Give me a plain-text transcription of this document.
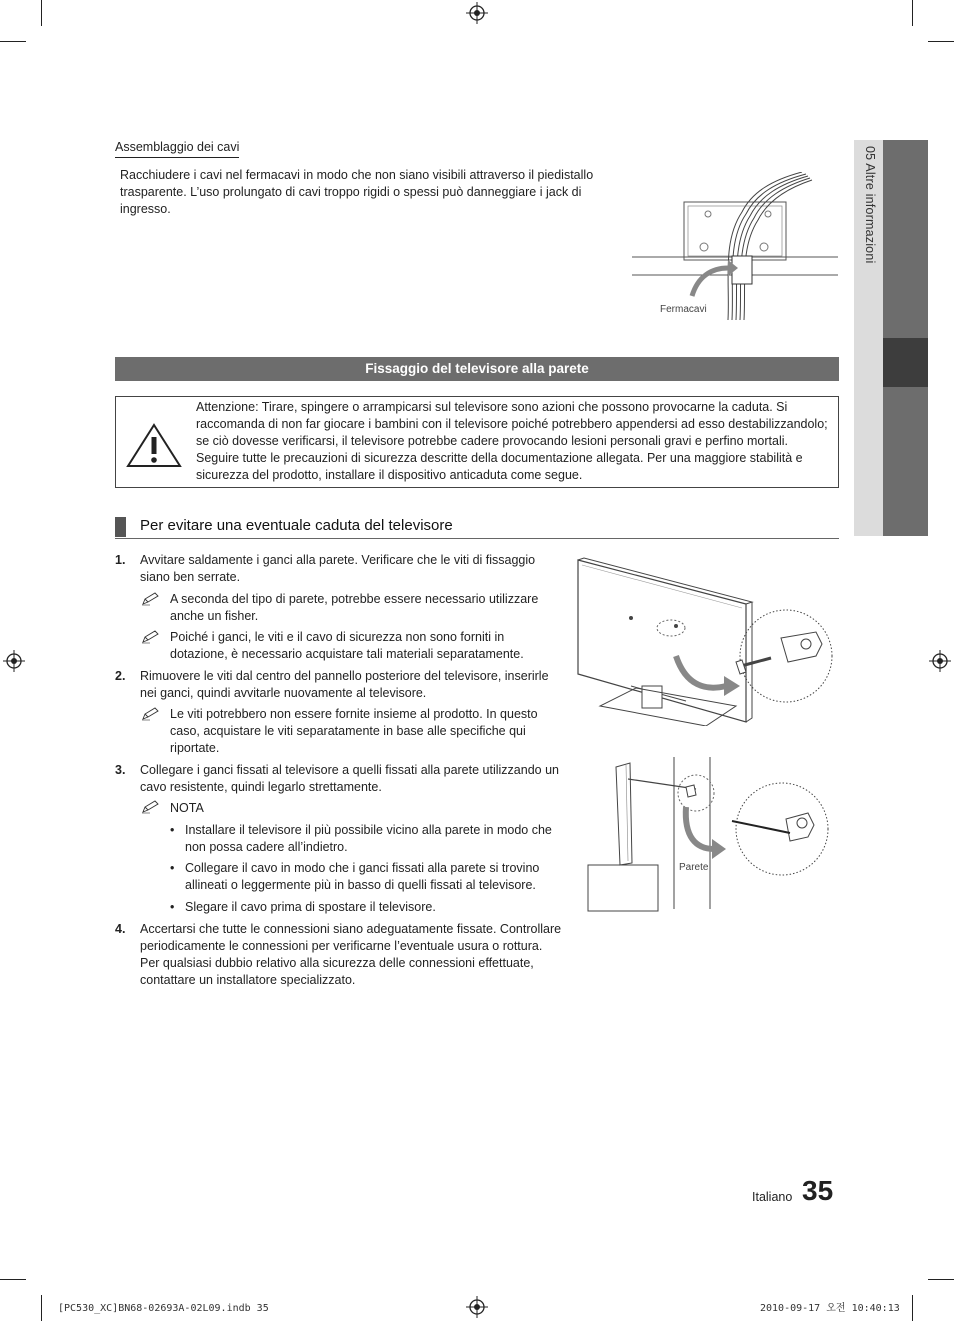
05 Altre informazioni
Assemblaggio dei cavi
Racchiudere i cavi nel fermacavi in modo che non siano visibili attraverso il piedistallo trasparente. L’uso prolungato di cavi troppo rigidi o spessi può danneggiare i jack di ingresso.
Fermacavi
Fissaggio del televisore alla parete
Attenzione: Tirare, spingere o arrampicarsi sul televisore sono azioni che possono provocarne la caduta. Si raccomanda di non far giocare i bambini con il televisore poiché potrebbero appendersi ad esso destabilizzandolo; se ciò dovesse verificarsi, il televisore potrebbe cadere provocando lesioni personali gravi e perfino mortali. Seguire tutte le precauzioni di sicurezza descritte della documentazione allegata. Per una maggiore stabilità e sicurezza del prodotto, installare il dispositivo anticaduta come segue.
Per evitare una eventuale caduta del televisore
1. Avvitare saldamente i ganci alla parete. Verificare che le viti di fissaggio siano ben serrate.
A seconda del tipo di parete, potrebbe essere necessario utilizzare anche un fisher.
Poiché i ganci, le viti e il cavo di sicurezza non sono forniti in dotazione, è necessario acquistare tali materiali separatamente.
2. Rimuovere le viti dal centro del pannello posteriore del televisore, inserirle nei ganci, quindi avvitarle nuovamente al televisore.
Le viti potrebbero non essere fornite insieme al prodotto. In questo caso, acquistare le viti separatamente in base alle specifiche qui riportate.
3. Collegare i ganci fissati al televisore a quelli fissati alla parete utilizzando un cavo resistente, quindi legarlo strettamente.
NOTA
• Installare il televisore il più possibile vicino alla parete in modo che non possa cadere all’indietro.
• Collegare il cavo in modo che i ganci fissati alla parete si trovino allineati o leggermente più in basso di quelli fissati al televisore.
• Slegare il cavo prima di spostare il televisore.
4. Accertarsi che tutte le connessioni siano adeguatamente fissate. Controllare periodicamente le connessioni per verificarne l’eventuale usura o rottura. Per qualsiasi dubbio relativo alla sicurezza delle connessioni effettuate, contattare un installatore specializzato.
Parete
Italiano 35
[PC530_XC]BN68-02693A-02L09.indb 35	2010-09-17 오전 10:40:13
